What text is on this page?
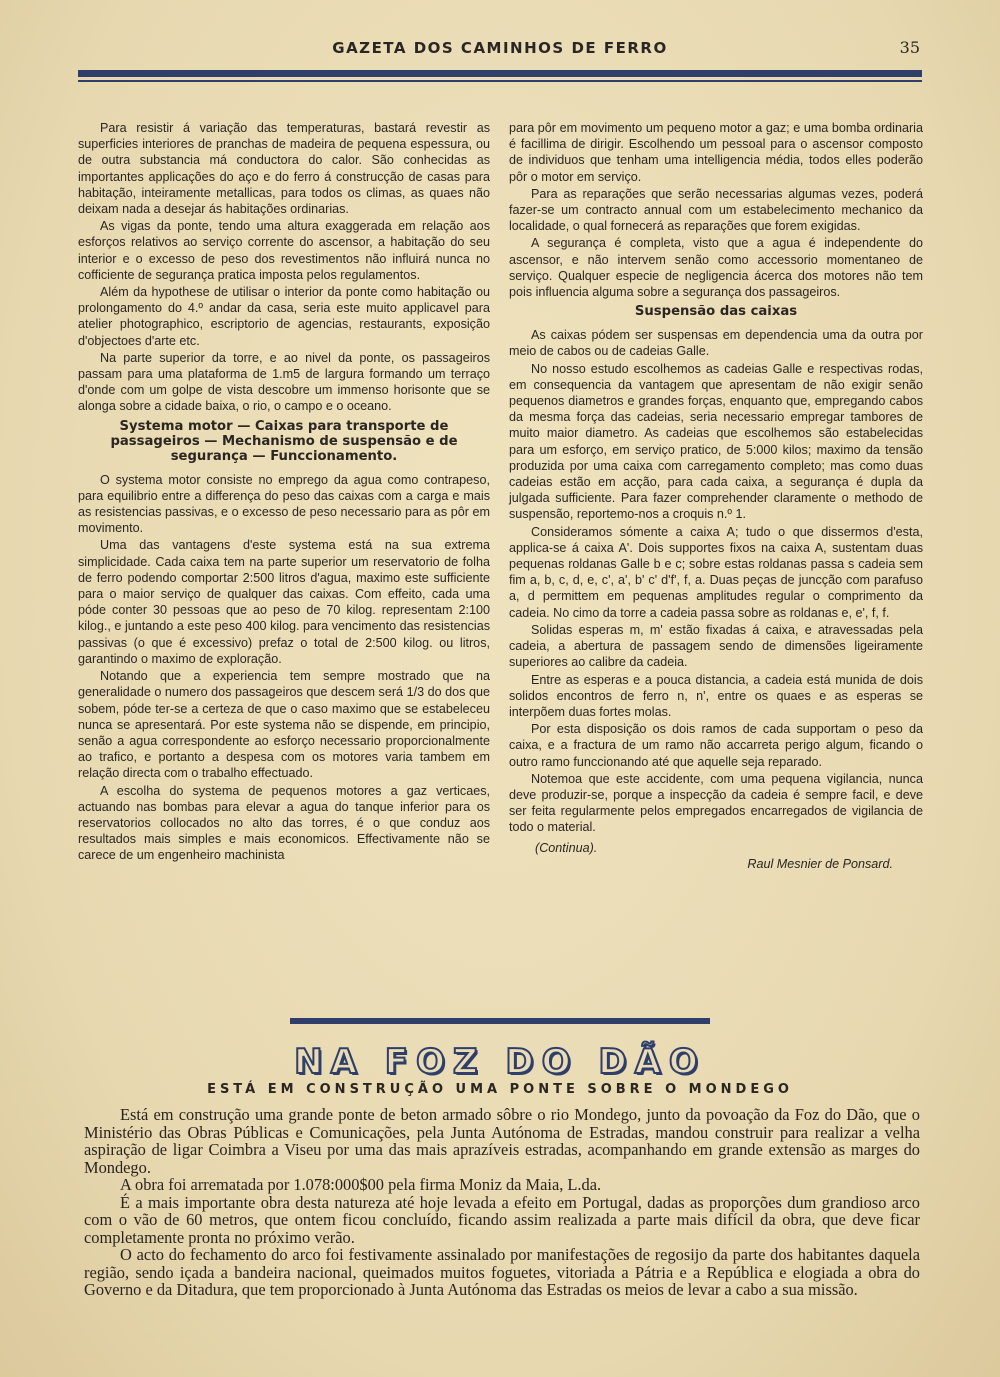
GAZETA DOS CAMINHOS DE FERRO	35

Para resistir á variação das temperaturas, bastará revestir as superficies interiores de pranchas de madeira de pequena espessura, ou de outra substancia má conductora do calor. São conhecidas as importantes applicações do aço e do ferro á construcção de casas para habitação, inteiramente metallicas, para todos os climas, as quaes não deixam nada a desejar ás habitações ordinarias.

As vigas da ponte, tendo uma altura exaggerada em relação aos esforços relativos ao serviço corrente do ascensor, a habitação do seu interior e o excesso de peso dos revestimentos não influirá nunca no cofficiente de segurança pratica imposta pelos regulamentos.

Além da hypothese de utilisar o interior da ponte como habitação ou prolongamento do 4.º andar da casa, seria este muito applicavel para atelier photographico, escriptorio de agencias, restaurants, exposição d'objectoes d'arte etc.

Na parte superior da torre, e ao nivel da ponte, os passageiros passam para uma plataforma de 1.m5 de largura formando um terraço d'onde com um golpe de vista descobre um immenso horisonte que se alonga sobre a cidade baixa, o rio, o campo e o oceano.

Systema motor — Caixas para transporte de passageiros — Mechanismo de suspensão e de segurança — Funccionamento.

O systema motor consiste no emprego da agua como contrapeso, para equilibrio entre a differença do peso das caixas com a carga e mais as resistencias passivas, e o excesso de peso necessario para as pôr em movimento.

Uma das vantagens d'este systema está na sua extrema simplicidade. Cada caixa tem na parte superior um reservatorio de folha de ferro podendo comportar 2:500 litros d'agua, maximo este sufficiente para o maior serviço de qualquer das caixas. Com effeito, cada uma póde conter 30 pessoas que ao peso de 70 kilog. representam 2:100 kilog., e juntando a este peso 400 kilog. para vencimento das resistencias passivas (o que é excessivo) prefaz o total de 2:500 kilog. ou litros, garantindo o maximo de exploração.

Notando que a experiencia tem sempre mostrado que na generalidade o numero dos passageiros que descem será 1/3 do dos que sobem, póde ter-se a certeza de que o caso maximo que se estabeleceu nunca se apresentará. Por este systema não se dispende, em principio, senão a agua correspondente ao esforço necessario proporcionalmente ao trafico, e portanto a despesa com os motores varia tambem em relação directa com o trabalho effectuado.

A escolha do systema de pequenos motores a gaz verticaes, actuando nas bombas para elevar a agua do tanque inferior para os reservatorios collocados no alto das torres, é o que conduz aos resultados mais simples e mais economicos. Effectivamente não se carece de um engenheiro machinista

para pôr em movimento um pequeno motor a gaz; e uma bomba ordinaria é facillima de dirigir. Escolhendo um pessoal para o ascensor composto de individuos que tenham uma intelligencia média, todos elles poderão pôr o motor em serviço.

Para as reparações que serão necessarias algumas vezes, poderá fazer-se um contracto annual com um estabelecimento mechanico da localidade, o qual fornecerá as reparações que forem exigidas.

A segurança é completa, visto que a agua é independente do ascensor, e não intervem senão como accessorio momentaneo de serviço. Qualquer especie de negligencia ácerca dos motores não tem pois influencia alguma sobre a segurança dos passageiros.

Suspensão das caixas

As caixas pódem ser suspensas em dependencia uma da outra por meio de cabos ou de cadeias Galle.

No nosso estudo escolhemos as cadeias Galle e respectivas rodas, em consequencia da vantagem que apresentam de não exigir senão pequenos diametros e grandes forças, enquanto que, empregando cabos da mesma força das cadeias, seria necessario empregar tambores de muito maior diametro. As cadeias que escolhemos são estabelecidas para um esforço, em serviço pratico, de 5:000 kilos; maximo da tensão produzida por uma caixa com carregamento completo; mas como duas cadeias estão em acção, para cada caixa, a segurança é dupla da julgada sufficiente. Para fazer comprehender claramente o methodo de suspensão, reportemo-nos a croquis n.º 1.

Consideramos sómente a caixa A; tudo o que dissermos d'esta, applica-se á caixa A'. Dois supportes fixos na caixa A, sustentam duas pequenas roldanas Galle b e c; sobre estas roldanas passa s cadeia sem fim a, b, c, d, e, c', a', b' c' d'f', f, a. Duas peças de juncção com parafuso a, d permittem em pequenas amplitudes regular o comprimento da cadeia. No cimo da torre a cadeia passa sobre as roldanas e, e', f, f.

Solidas esperas m, m' estão fixadas á caixa, e atravessadas pela cadeia, a abertura de passagem sendo de dimensões ligeiramente superiores ao calibre da cadeia.

Entre as esperas e a pouca distancia, a cadeia está munida de dois solidos encontros de ferro n, n', entre os quaes e as esperas se interpõem duas fortes molas.

Por esta disposição os dois ramos de cada supportam o peso da caixa, e a fractura de um ramo não accarreta perigo algum, ficando o outro ramo funccionando até que aquelle seja reparado.

Notemoa que este accidente, com uma pequena vigilancia, nunca deve produzir-se, porque a inspecção da cadeia é sempre facil, e deve ser feita regularmente pelos empregados encarregados de vigilancia de todo o material.

(Continua).
Raul Mesnier de Ponsard.
NA FOZ DO DÃO
ESTÁ EM CONSTRUÇÃO UMA PONTE SOBRE O MONDEGO

Está em construção uma grande ponte de beton armado sôbre o rio Mondego, junto da povoação da Foz do Dão, que o Ministério das Obras Públicas e Comunicações, pela Junta Autónoma de Estradas, mandou construir para realizar a velha aspiração de ligar Coimbra a Viseu por uma das mais aprazíveis estradas, acompanhando em grande extensão as marges do Mondego.

A obra foi arrematada por 1.078:000$00 pela firma Moniz da Maia, L.da.

É a mais importante obra desta natureza até hoje levada a efeito em Portugal, dadas as proporções dum grandioso arco com o vão de 60 metros, que ontem ficou concluído, ficando assim realizada a parte mais difícil da obra, que deve ficar completamente pronta no próximo verão.

O acto do fechamento do arco foi festivamente assinalado por manifestações de regosijo da parte dos habitantes daquela região, sendo içada a bandeira nacional, queimados muitos foguetes, vitoriada a Pátria e a República e elogiada a obra do Governo e da Ditadura, que tem proporcionado à Junta Autónoma das Estradas os meios de levar a cabo a sua missão.
